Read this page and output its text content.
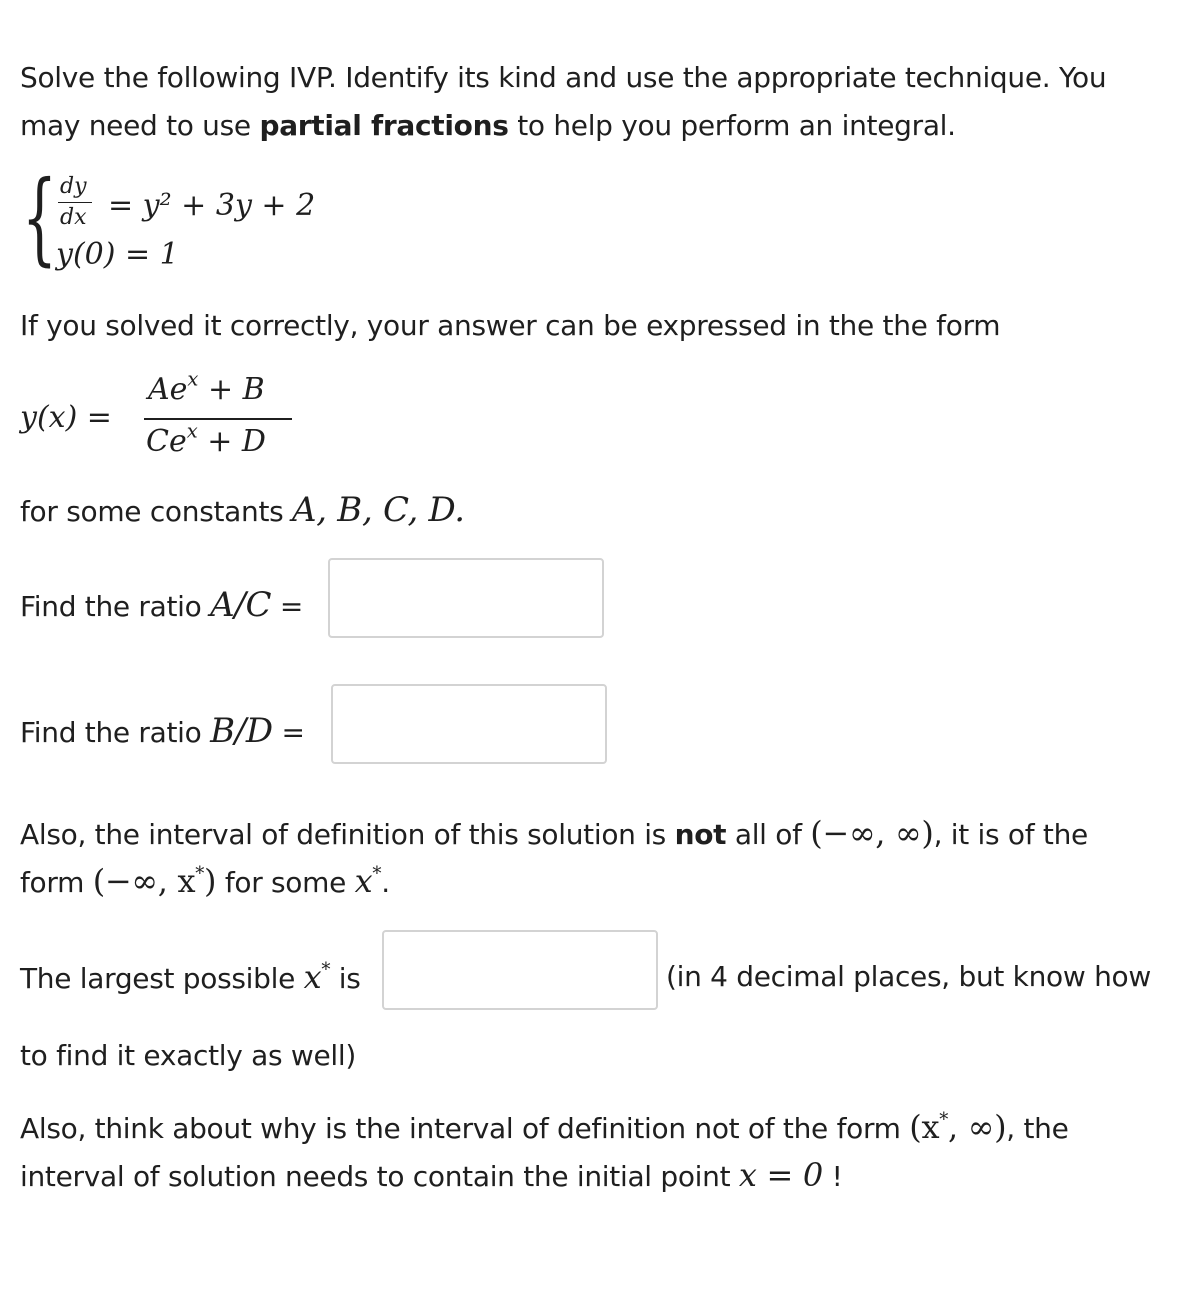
Solve the following IVP. Identify its kind and use the appropriate technique. You
may need to use partial fractions to help you perform an integral.
{ dy
dx = y² + 3y + 2
y(0) = 1
If you solved it correctly, your answer can be expressed in the the form
y(x) =
$Ae^x + B$
$Ce^x + D$
for some constants A, B, C, D.
Find the ratio A/C =
Find the ratio B/D =
Also, the interval of definition of this solution is not all of (−∞, ∞), it is of the
form (−∞, x*) for some x*.
The largest possible x* is	(in 4 decimal places, but know how
to find it exactly as well)
Also, think about why is the interval of definition not of the form (x*, ∞), the
interval of solution needs to contain the initial point x = 0 !
